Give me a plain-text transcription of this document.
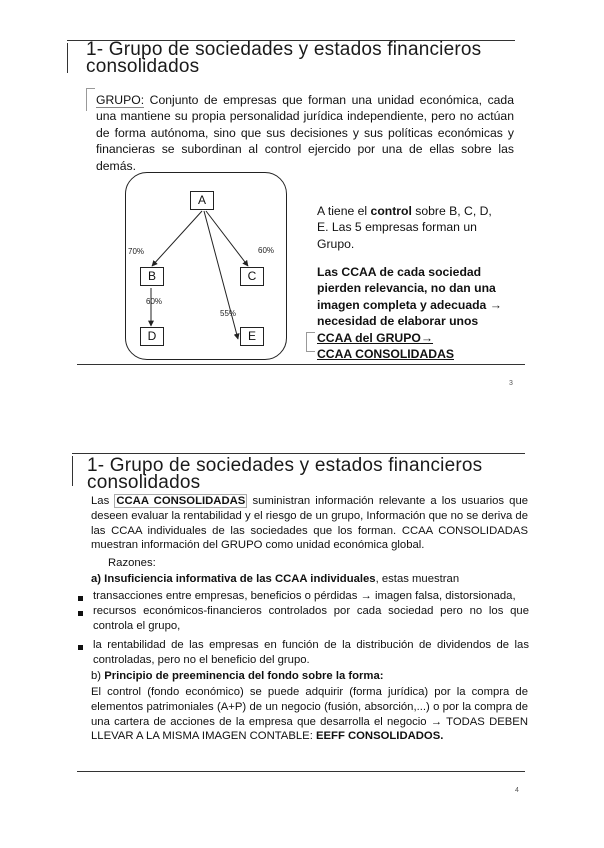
1- Grupo de sociedades y estados financieros consolidados
GRUPO: Conjunto de empresas que forman una unidad económica, cada una mantiene su propia personalidad jurídica independiente, pero no actúan de forma autónoma, sino que sus decisiones y sus políticas económicas y financieras se subordinan al control ejercido por una de ellas sobre las demás.
A
B	C
D	E
70%	60%
60%
55%
A tiene el control sobre B, C, D, E. Las 5 empresas forman un Grupo.
Las CCAA de cada sociedad pierden relevancia, no dan una imagen completa y adecuada → necesidad de elaborar unos
CCAA del GRUPO→
CCAA CONSOLIDADAS
3
1- Grupo de sociedades y estados financieros consolidados
Las CCAA CONSOLIDADAS suministran información relevante a los usuarios que deseen evaluar la rentabilidad y el riesgo de un grupo, Información que no se deriva de las CCAA individuales de las sociedades que los forman. CCAA CONSOLIDADAS muestran información del GRUPO como unidad económica global.
Razones:
a) Insuficiencia informativa de las CCAA individuales, estas muestran
transacciones entre empresas, beneficios o pérdidas → imagen falsa, distorsionada,
recursos económicos-financieros controlados por cada sociedad pero no los que controla el grupo,
la rentabilidad de las empresas en función de la distribución de dividendos de las controladas, pero no el beneficio del grupo.
b) Principio de preeminencia del fondo sobre la forma:
El control (fondo económico) se puede adquirir (forma jurídica) por la compra de elementos patrimoniales (A+P) de un negocio (fusión, absorción,...) o por la compra de una cartera de acciones de la empresa que desarrolla el negocio → TODAS DEBEN LLEVAR A LA MISMA IMAGEN CONTABLE: EEFF CONSOLIDADOS.
4
